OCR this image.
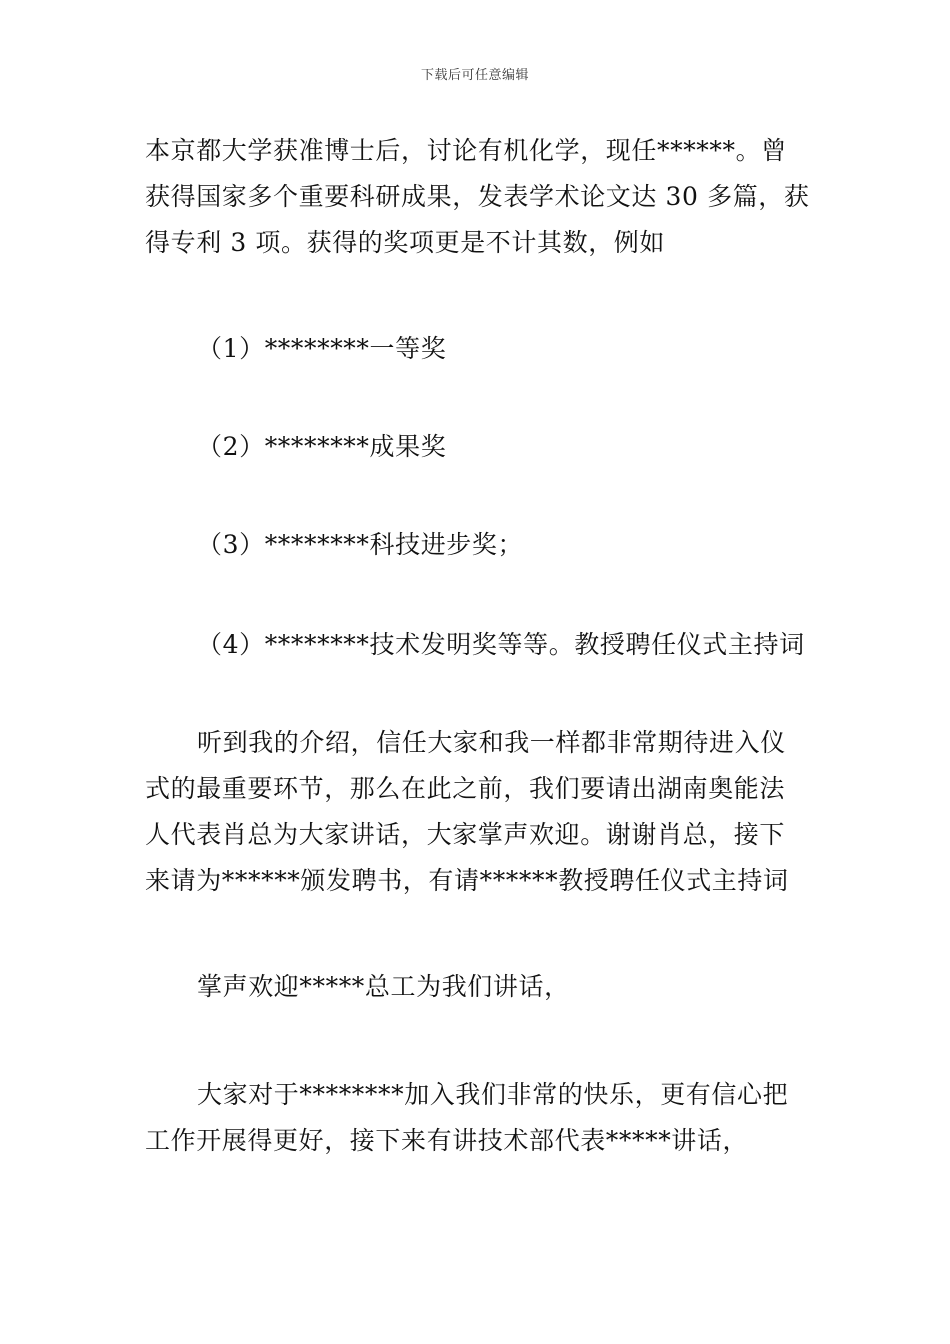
下载后可任意编辑

本京都大学获准博士后，讨论有机化学，现任******。曾获得国家多个重要科研成果，发表学术论文达 30 多篇，获得专利 3 项。获得的奖项更是不计其数，例如

（1）********一等奖

（2）********成果奖

（3）********科技进步奖；

（4）********技术发明奖等等。教授聘任仪式主持词

听到我的介绍，信任大家和我一样都非常期待进入仪式的最重要环节，那么在此之前，我们要请出湖南奥能法人代表肖总为大家讲话，大家掌声欢迎。谢谢肖总，接下来请为******颁发聘书，有请******教授聘任仪式主持词

掌声欢迎*****总工为我们讲话，

大家对于********加入我们非常的快乐，更有信心把工作开展得更好，接下来有讲技术部代表*****讲话，
